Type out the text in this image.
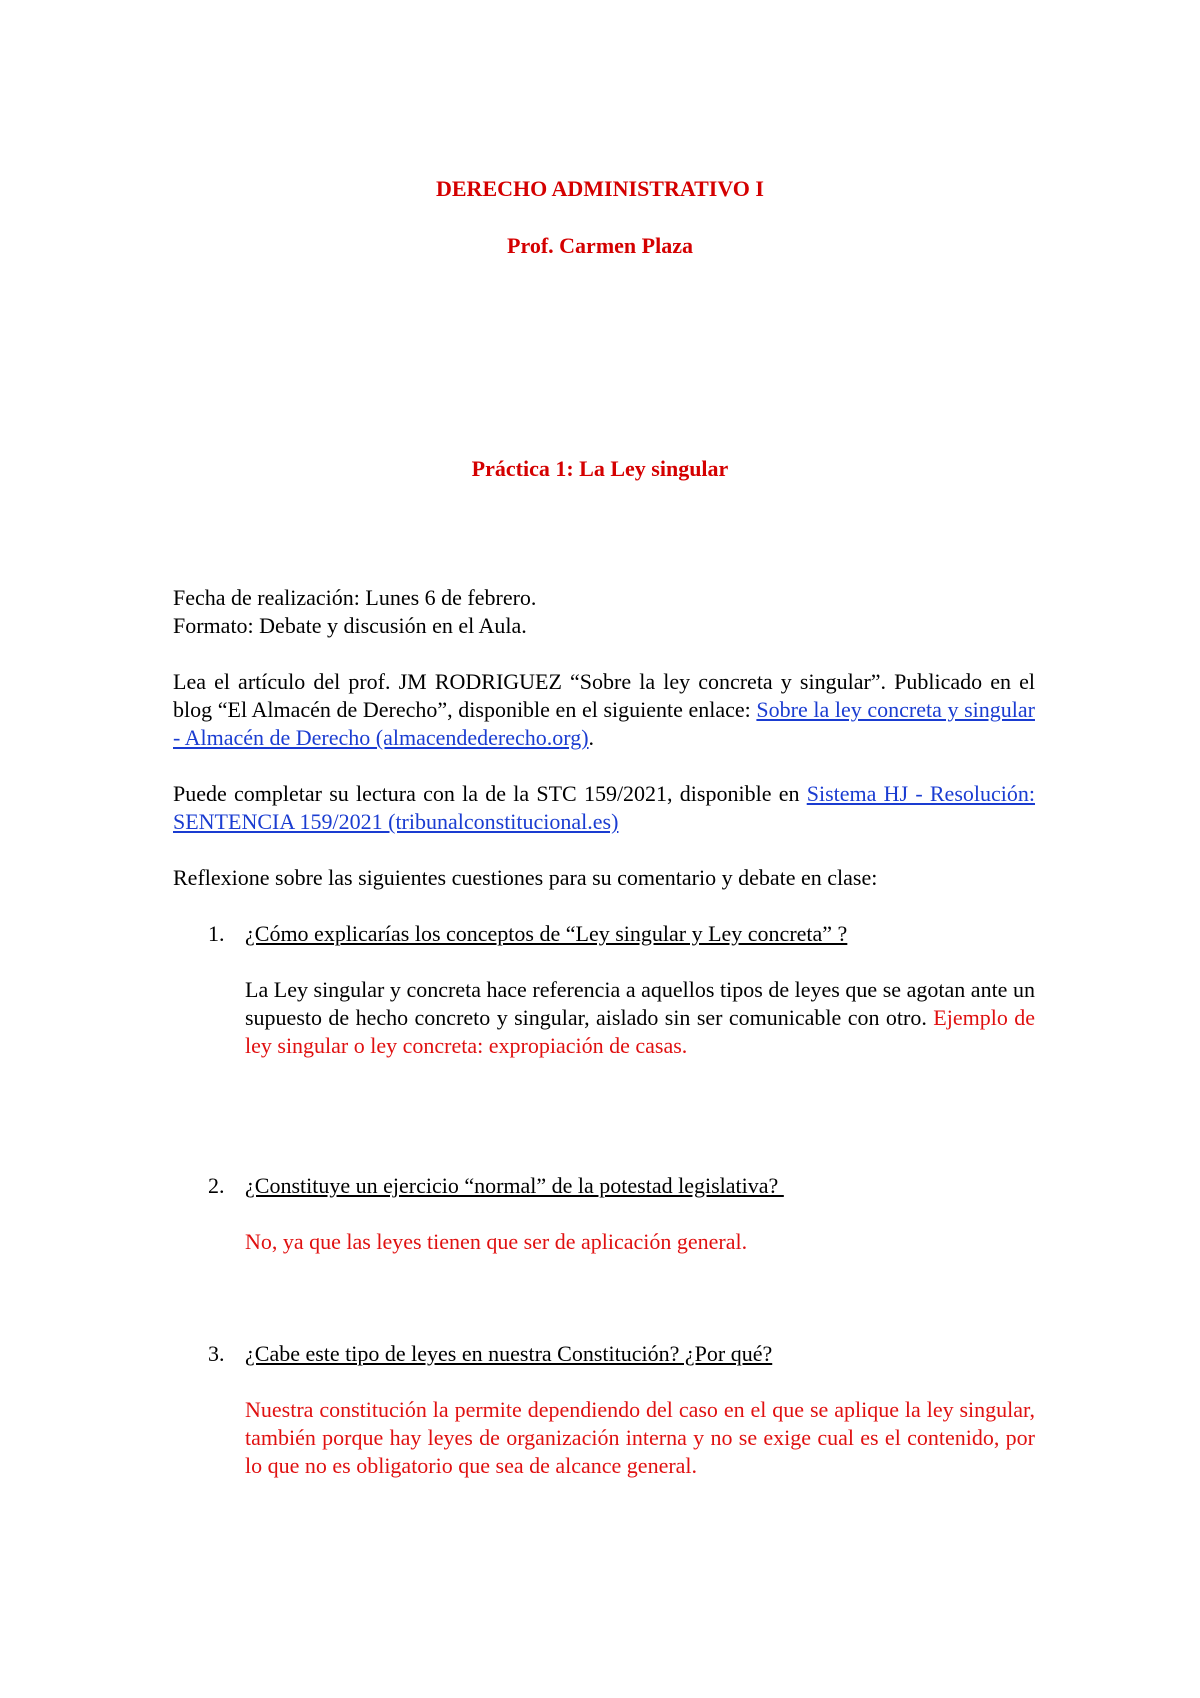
DERECHO ADMINISTRATIVO I
Prof. Carmen Plaza
Práctica 1: La Ley singular
Fecha de realización: Lunes 6 de febrero.
Formato: Debate y discusión en el Aula.
Lea el artículo del prof. JM RODRIGUEZ “Sobre la ley concreta y singular”. Publicado en el blog “El Almacén de Derecho”, disponible en el siguiente enlace: Sobre la ley concreta y singular - Almacén de Derecho (almacendederecho.org).
Puede completar su lectura con la de la STC 159/2021, disponible en Sistema HJ - Resolución: SENTENCIA 159/2021 (tribunalconstitucional.es)
Reflexione sobre las siguientes cuestiones para su comentario y debate en clase:
1. ¿Cómo explicarías los conceptos de “Ley singular y Ley concreta” ?
La Ley singular y concreta hace referencia a aquellos tipos de leyes que se agotan ante un supuesto de hecho concreto y singular, aislado sin ser comunicable con otro. Ejemplo de ley singular o ley concreta: expropiación de casas.
2. ¿Constituye un ejercicio “normal” de la potestad legislativa?
No, ya que las leyes tienen que ser de aplicación general.
3. ¿Cabe este tipo de leyes en nuestra Constitución? ¿Por qué?
Nuestra constitución la permite dependiendo del caso en el que se aplique la ley singular, también porque hay leyes de organización interna y no se exige cual es el contenido, por lo que no es obligatorio que sea de alcance general.
